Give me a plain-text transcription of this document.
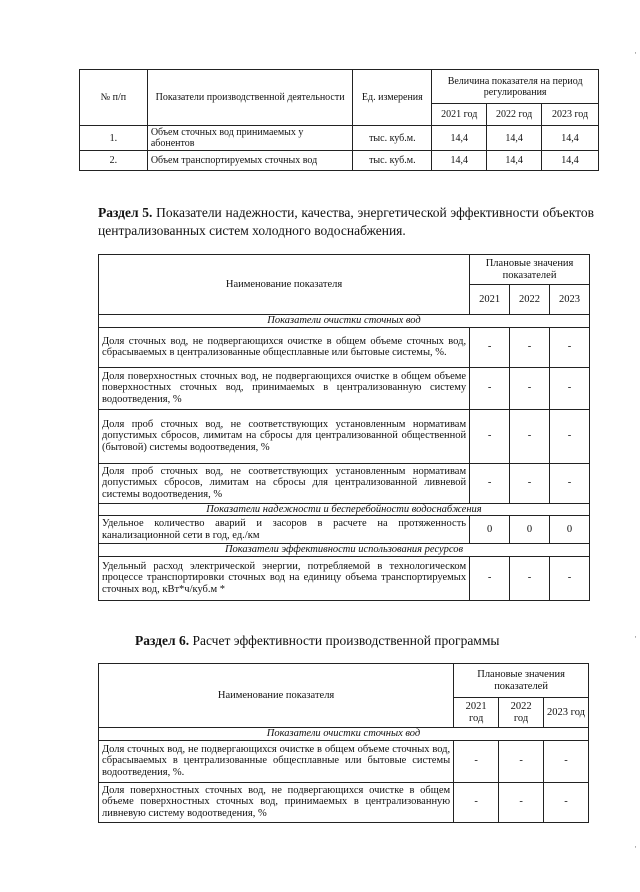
№ п/п	Показатели производственной деятельности	Ед. измерения	Величина показателя на период регулирования		
			2021 год	2022 год	2023 год
1.	Объем сточных вод принимаемых у абонентов	тыс. куб.м.	14,4	14,4	14,4
2.	Объем транспортируемых сточных вод	тыс. куб.м.	14,4	14,4	14,4
Раздел 5. Показатели надежности, качества, энергетической эффективности объектов централизованных систем холодного водоснабжения.
Наименование показателя	Плановые значения показателей		
	2021	2022	2023
Показатели очистки сточных вод			
Доля сточных вод, не подвергающихся очистке в общем объеме сточных вод, сбрасываемых в централизованные общесплавные или бытовые системы, %.	-	-	-
Доля поверхностных сточных вод, не подвергающихся очистке в общем объеме поверхностных сточных вод, принимаемых в централизованную систему водоотведения, %	-	-	-
Доля проб сточных вод, не соответствующих установленным нормативам допустимых сбросов, лимитам на сбросы для централизованной общественной (бытовой) системы водоотведения, %	-	-	-
Доля проб сточных вод, не соответствующих установленным нормативам допустимых сбросов, лимитам на сбросы для централизованной ливневой системы водоотведения, %	-	-	-
Показатели надежности и бесперебойности водоснабжения			
Удельное количество аварий и засоров в расчете на протяженность канализационной сети в год, ед./км	0	0	0
Показатели эффективности использования ресурсов			
Удельный расход электрической энергии, потребляемой в технологическом процессе транспортировки сточных вод на единицу объема транспортируемых сточных вод, кВт*ч/куб.м *	-	-	-
Раздел 6. Расчет эффективности производственной программы
Наименование показателя	Плановые значения показателей		
	2021 год	2022 год	2023 год
Показатели очистки сточных вод			
Доля сточных вод, не подвергающихся очистке в общем объеме сточных вод, сбрасываемых в централизованные общесплавные или бытовые системы водоотведения, %.	-	-	-
Доля поверхностных сточных вод, не подвергающихся очистке в общем объеме поверхностных сточных вод, принимаемых в централизованную ливневую систему водоотведения, %	-	-	-
·
·
·
